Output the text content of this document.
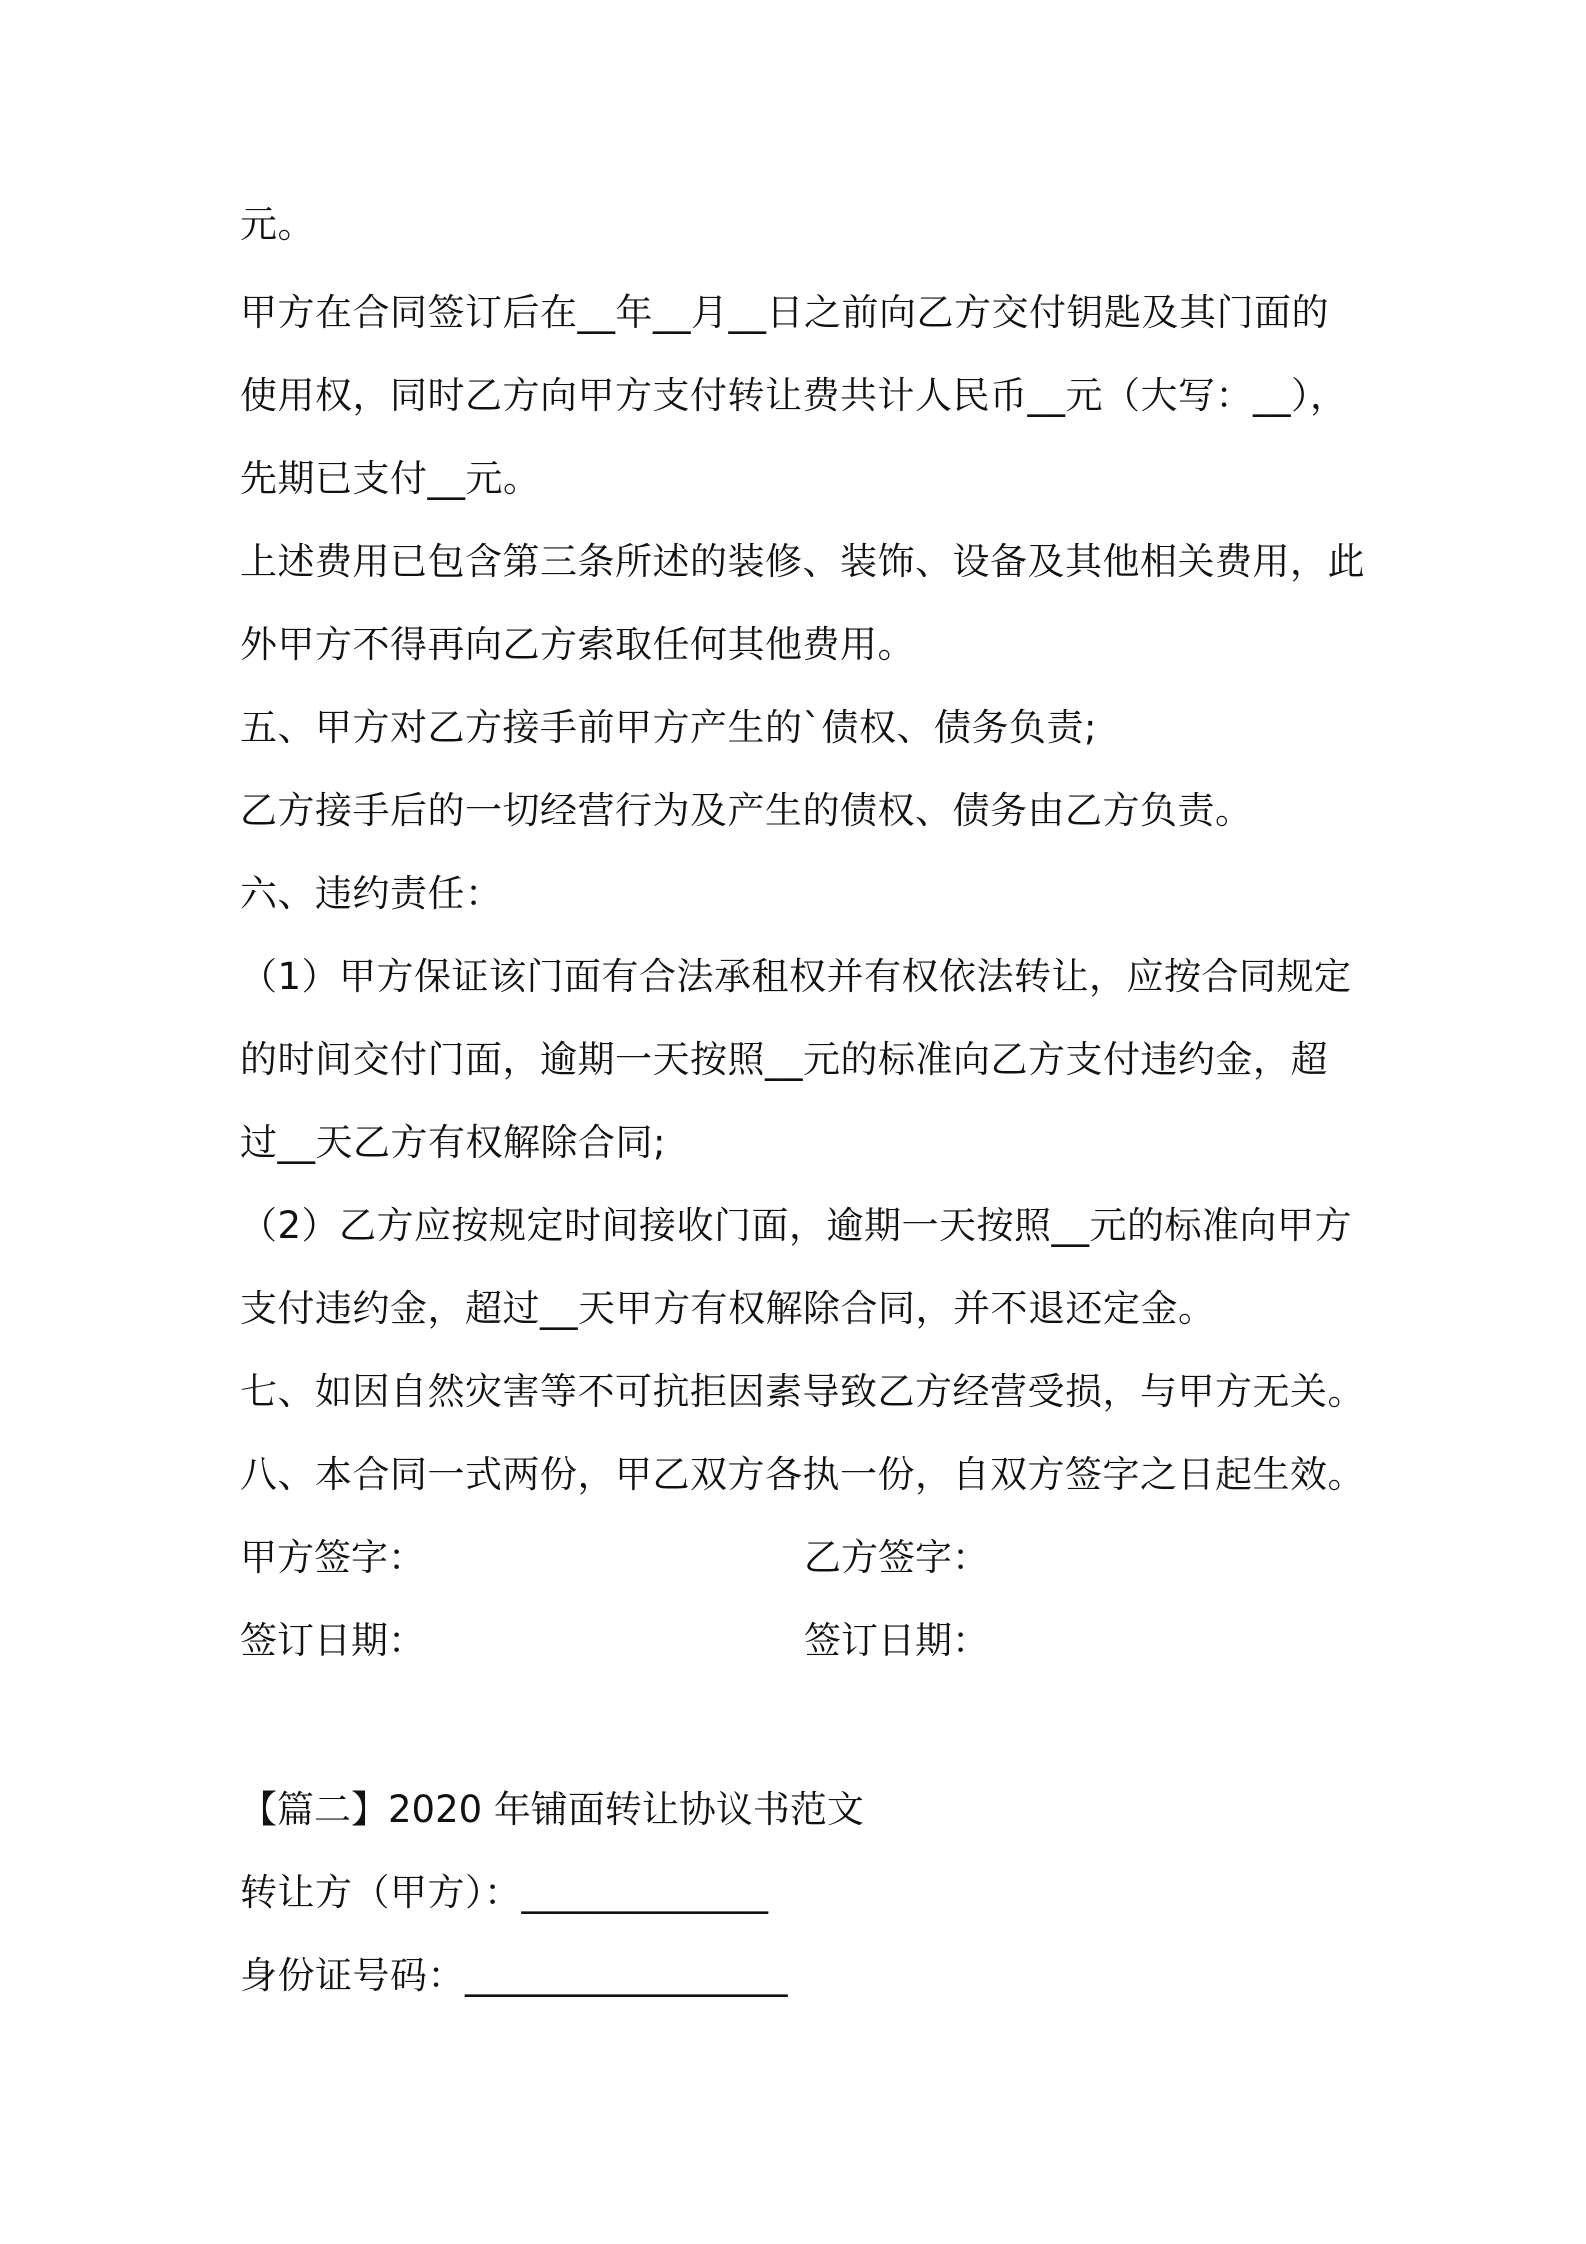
元。
甲方在合同签订后在__年__月__日之前向乙方交付钥匙及其门面的
使用权，同时乙方向甲方支付转让费共计人民币__元（大写：__），
先期已支付__元。
上述费用已包含第三条所述的装修、装饰、设备及其他相关费用，此
外甲方不得再向乙方索取任何其他费用。
五、甲方对乙方接手前甲方产生的`债权、债务负责;
乙方接手后的一切经营行为及产生的债权、债务由乙方负责。
六、违约责任：
（1）甲方保证该门面有合法承租权并有权依法转让，应按合同规定
的时间交付门面，逾期一天按照__元的标准向乙方支付违约金，超
过__天乙方有权解除合同;
（2）乙方应按规定时间接收门面，逾期一天按照__元的标准向甲方
支付违约金，超过__天甲方有权解除合同，并不退还定金。
七、如因自然灾害等不可抗拒因素导致乙方经营受损，与甲方无关。
八、本合同一式两份，甲乙双方各执一份，自双方签字之日起生效。
甲方签字：	乙方签字：
签订日期：	签订日期：
【篇二】2020 年铺面转让协议书范文
转让方（甲方）：_____________
身份证号码：_________________
